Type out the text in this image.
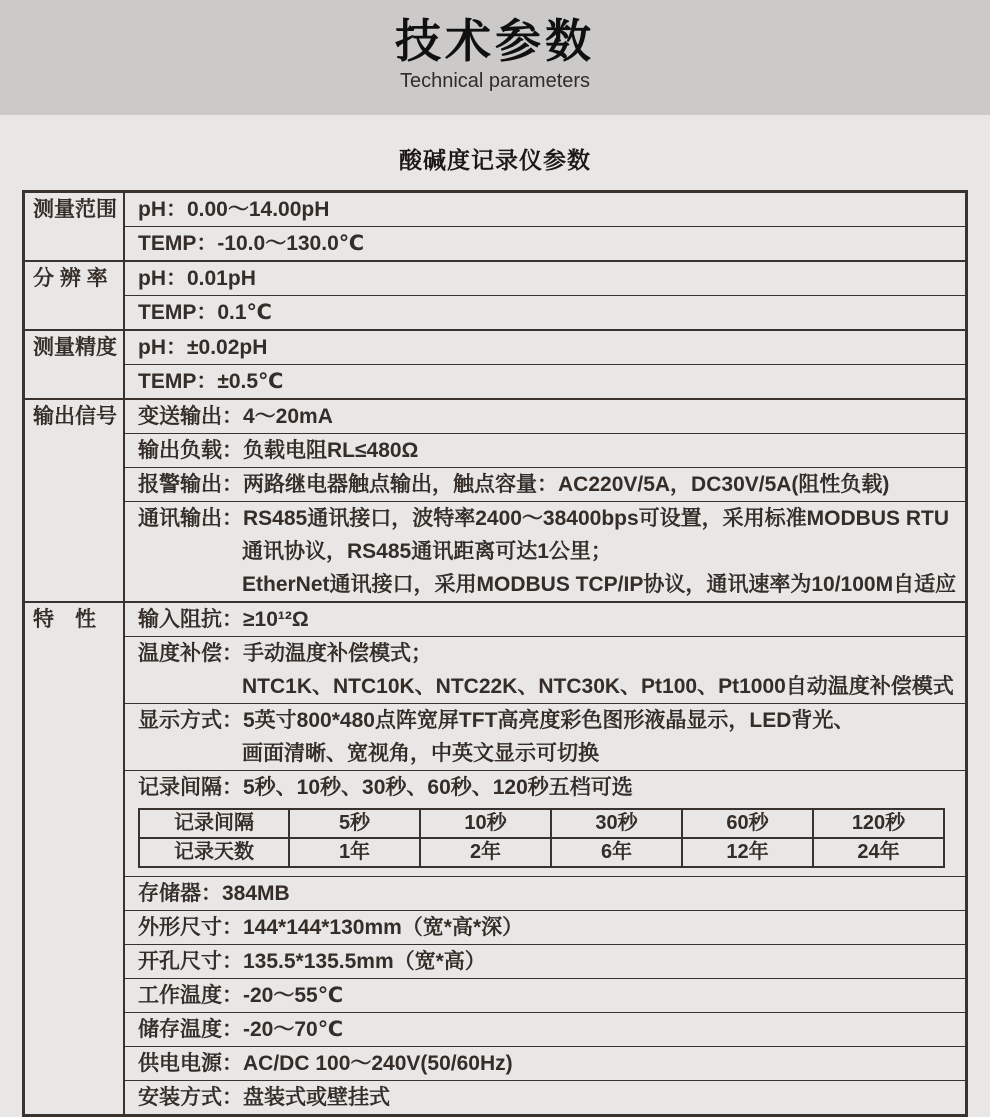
技术参数
Technical parameters
酸碱度记录仪参数
测量范围	pH：0.00～14.00pH
TEMP：-10.0～130.0℃
分 辨 率	pH：0.01pH
TEMP：0.1℃
测量精度	pH：±0.02pH
TEMP：±0.5℃
输出信号	变送输出：4～20mA
输出负载：负载电阻RL≤480Ω
报警输出：两路继电器触点输出，触点容量：AC220V/5A，DC30V/5A(阻性负载)
通讯输出：RS485通讯接口，波特率2400～38400bps可设置，采用标准MODBUS RTU
通讯协议，RS485通讯距离可达1公里；
EtherNet通讯接口，采用MODBUS TCP/IP协议，通讯速率为10/100M自适应
特　性	输入阻抗：≥10¹²Ω
温度补偿：手动温度补偿模式；
NTC1K、NTC10K、NTC22K、NTC30K、Pt100、Pt1000自动温度补偿模式
显示方式：5英寸800*480点阵宽屏TFT高亮度彩色图形液晶显示，LED背光、
画面清晰、宽视角，中英文显示可切换
记录间隔：5秒、10秒、30秒、60秒、120秒五档可选
记录间隔	5秒	10秒	30秒	60秒	120秒
记录天数	1年	2年	6年	12年	24年
存储器：384MB
外形尺寸：144*144*130mm（宽*高*深）
开孔尺寸：135.5*135.5mm（宽*高）
工作温度：-20～55℃
储存温度：-20～70℃
供电电源：AC/DC 100～240V(50/60Hz)
安装方式：盘装式或壁挂式
